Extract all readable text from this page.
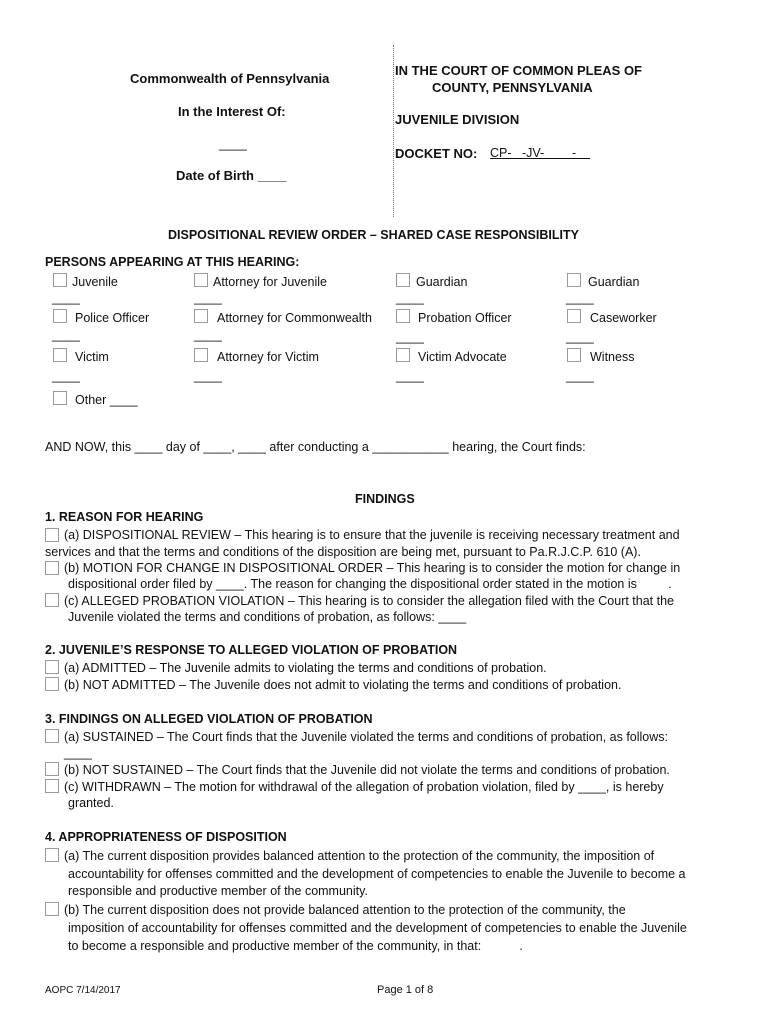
Commonwealth of Pennsylvania
In the Interest Of:
____
Date of Birth ____
IN THE COURT OF COMMON PLEAS OF
COUNTY, PENNSYLVANIA
JUVENILE DIVISION
DOCKET NO: CP-   -JV-        -
DISPOSITIONAL REVIEW ORDER – SHARED CASE RESPONSIBILITY
PERSONS APPEARING AT THIS HEARING:
Juvenile	Attorney for Juvenile	Guardian	Guardian
____	____	____	____
Police Officer	Attorney for Commonwealth	Probation Officer	Caseworker
____	____	____	____
Victim	Attorney for Victim	Victim Advocate	Witness
____	____	____	____
Other ____
AND NOW, this ____ day of ____, ____ after conducting a ___________ hearing, the Court finds:
FINDINGS
1. REASON FOR HEARING
(a) DISPOSITIONAL REVIEW – This hearing is to ensure that the juvenile is receiving necessary treatment and
services and that the terms and conditions of the disposition are being met, pursuant to Pa.R.J.C.P. 610 (A).
(b) MOTION FOR CHANGE IN DISPOSITIONAL ORDER – This hearing is to consider the motion for change in
dispositional order filed by ____. The reason for changing the dispositional order stated in the motion is         .
(c) ALLEGED PROBATION VIOLATION – This hearing is to consider the allegation filed with the Court that the
Juvenile violated the terms and conditions of probation, as follows: ____
2. JUVENILE’S RESPONSE TO ALLEGED VIOLATION OF PROBATION
(a) ADMITTED – The Juvenile admits to violating the terms and conditions of probation.
(b) NOT ADMITTED – The Juvenile does not admit to violating the terms and conditions of probation.
3. FINDINGS ON ALLEGED VIOLATION OF PROBATION
(a) SUSTAINED – The Court finds that the Juvenile violated the terms and conditions of probation, as follows:
____
(b) NOT SUSTAINED – The Court finds that the Juvenile did not violate the terms and conditions of probation.
(c) WITHDRAWN – The motion for withdrawal of the allegation of probation violation, filed by ____, is hereby
granted.
4. APPROPRIATENESS OF DISPOSITION
(a) The current disposition provides balanced attention to the protection of the community, the imposition of
accountability for offenses committed and the development of competencies to enable the Juvenile to become a
responsible and productive member of the community.
(b) The current disposition does not provide balanced attention to the protection of the community, the
imposition of accountability for offenses committed and the development of competencies to enable the Juvenile
to become a responsible and productive member of the community, in that:           .
AOPC 7/14/2017	Page 1 of 8
